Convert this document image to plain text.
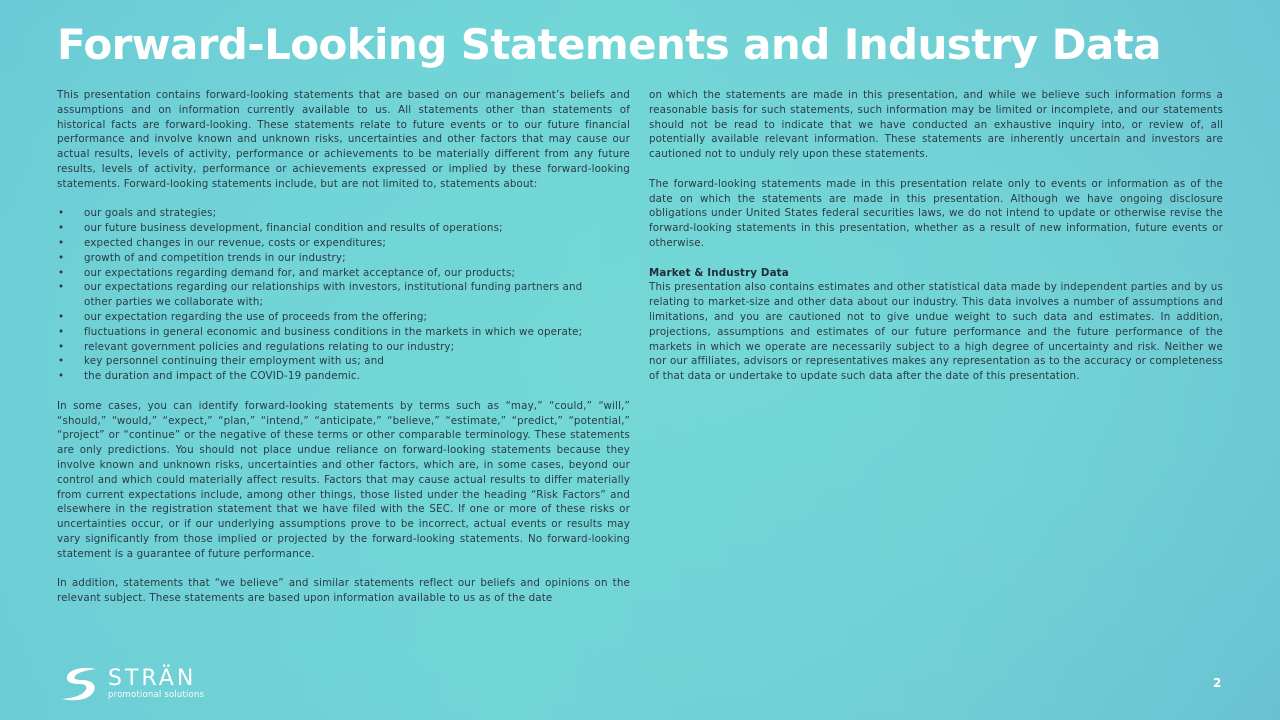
Forward-Looking Statements and Industry Data

This presentation contains forward-looking statements that are based on our management’s beliefs and assumptions and on information currently available to us. All statements other than statements of historical facts are forward-looking. These statements relate to future events or to our future financial performance and involve known and unknown risks, uncertainties and other factors that may cause our actual results, levels of activity, performance or achievements to be materially different from any future results, levels of activity, performance or achievements expressed or implied by these forward-looking statements. Forward-looking statements include, but are not limited to, statements about:

• our goals and strategies;
• our future business development, financial condition and results of operations;
• expected changes in our revenue, costs or expenditures;
• growth of and competition trends in our industry;
• our expectations regarding demand for, and market acceptance of, our products;
• our expectations regarding our relationships with investors, institutional funding partners and other parties we collaborate with;
• our expectation regarding the use of proceeds from the offering;
• fluctuations in general economic and business conditions in the markets in which we operate;
• relevant government policies and regulations relating to our industry;
• key personnel continuing their employment with us; and
• the duration and impact of the COVID-19 pandemic.

In some cases, you can identify forward-looking statements by terms such as “may,” “could,” “will,” “should,” “would,” “expect,” “plan,” “intend,” “anticipate,” “believe,” “estimate,” “predict,” “potential,” “project” or “continue” or the negative of these terms or other comparable terminology. These statements are only predictions. You should not place undue reliance on forward-looking statements because they involve known and unknown risks, uncertainties and other factors, which are, in some cases, beyond our control and which could materially affect results. Factors that may cause actual results to differ materially from current expectations include, among other things, those listed under the heading “Risk Factors” and elsewhere in the registration statement that we have filed with the SEC. If one or more of these risks or uncertainties occur, or if our underlying assumptions prove to be incorrect, actual events or results may vary significantly from those implied or projected by the forward-looking statements. No forward-looking statement is a guarantee of future performance.

In addition, statements that “we believe” and similar statements reflect our beliefs and opinions on the relevant subject. These statements are based upon information available to us as of the date

on which the statements are made in this presentation, and while we believe such information forms a reasonable basis for such statements, such information may be limited or incomplete, and our statements should not be read to indicate that we have conducted an exhaustive inquiry into, or review of, all potentially available relevant information. These statements are inherently uncertain and investors are cautioned not to unduly rely upon these statements.

The forward-looking statements made in this presentation relate only to events or information as of the date on which the statements are made in this presentation. Although we have ongoing disclosure obligations under United States federal securities laws, we do not intend to update or otherwise revise the forward-looking statements in this presentation, whether as a result of new information, future events or otherwise.

Market & Industry Data

This presentation also contains estimates and other statistical data made by independent parties and by us relating to market-size and other data about our industry. This data involves a number of assumptions and limitations, and you are cautioned not to give undue weight to such data and estimates. In addition, projections, assumptions and estimates of our future performance and the future performance of the markets in which we operate are necessarily subject to a high degree of uncertainty and risk. Neither we nor our affiliates, advisors or representatives makes any representation as to the accuracy or completeness of that data or undertake to update such data after the date of this presentation.

STRÄN
promotional solutions
2
